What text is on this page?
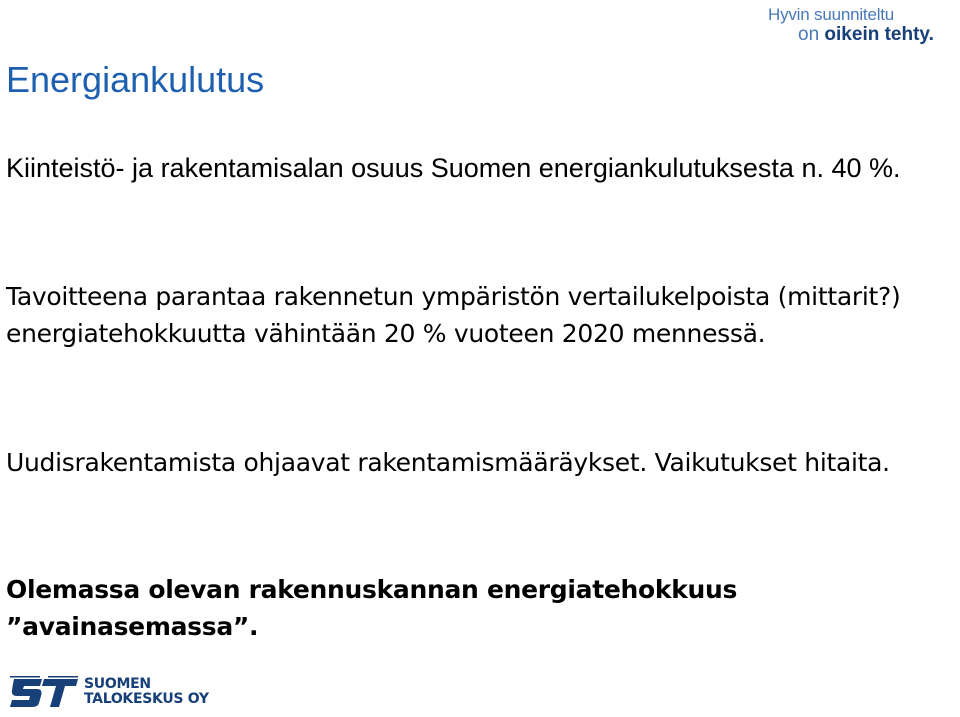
Hyvin suunniteltu
on oikein tehty.
Energiankulutus

Kiinteistö- ja rakentamisalan osuus Suomen energiankulutuksesta n. 40 %.

Tavoitteena parantaa rakennetun ympäristön vertailukelpoista (mittarit?) energiatehokkuutta vähintään 20 % vuoteen 2020 mennessä.

Uudisrakentamista ohjaavat rakentamismääräykset. Vaikutukset hitaita.

Olemassa olevan rakennuskannan energiatehokkuus ”avainasemassa”.

SUOMEN
TALOKESKUS OY
